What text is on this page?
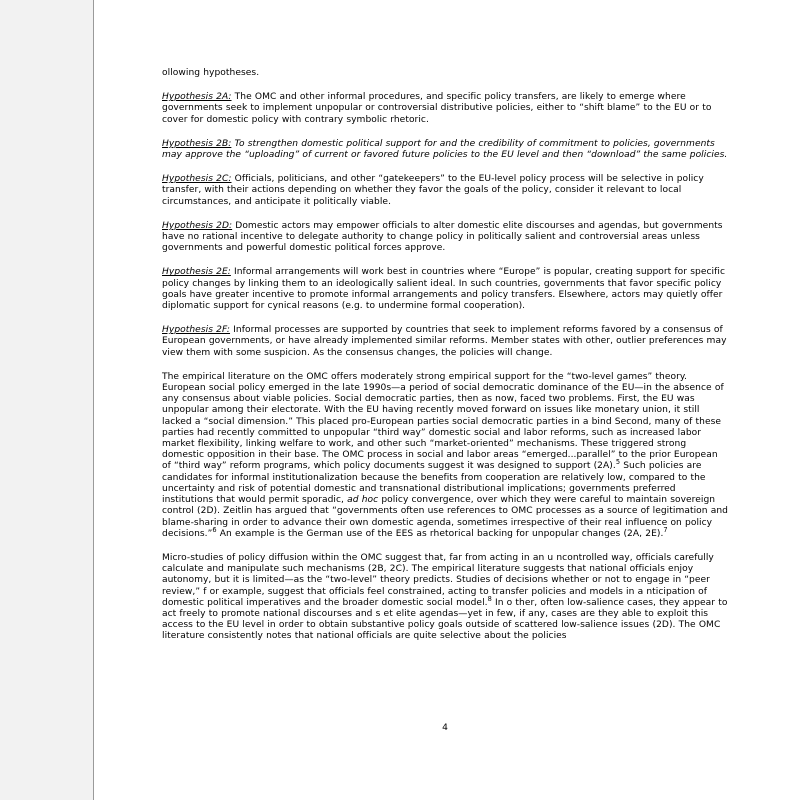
ollowing hypotheses.

Hypothesis 2A: The OMC and other informal procedures, and specific policy transfers, are likely to emerge where governments seek to implement unpopular or controversial distributive policies, either to “shift blame” to the EU or to cover for domestic policy with contrary symbolic rhetoric.

Hypothesis 2B: To strengthen domestic political support for and the credibility of commitment to policies, governments may approve the “uploading” of current or favored future policies to the EU level and then “download” the same policies.

Hypothesis 2C: Officials, politicians, and other “gatekeepers” to the EU-level policy process will be selective in policy transfer, with their actions depending on whether they favor the goals of the policy, consider it relevant to local circumstances, and anticipate it politically viable.

Hypothesis 2D: Domestic actors may empower officials to alter domestic elite discourses and agendas, but governments have no rational incentive to delegate authority to change policy in politically salient and controversial areas unless governments and powerful domestic political forces approve.

Hypothesis 2E: Informal arrangements will work best in countries where “Europe” is popular, creating support for specific policy changes by linking them to an ideologically salient ideal. In such countries, governments that favor specific policy goals have greater incentive to promote informal arrangements and policy transfers. Elsewhere, actors may quietly offer diplomatic support for cynical reasons (e.g. to undermine formal cooperation).

Hypothesis 2F: Informal processes are supported by countries that seek to implement reforms favored by a consensus of European governments, or have already implemented similar reforms. Member states with other, outlier preferences may view them with some suspicion. As the consensus changes, the policies will change.

The empirical literature on the OMC offers moderately strong empirical support for the “two-level games” theory. European social policy emerged in the late 1990s—a period of social democratic dominance of the EU—in the absence of any consensus about viable policies. Social democratic parties, then as now, faced two problems. First, the EU was unpopular among their electorate. With the EU having recently moved forward on issues like monetary union, it still lacked a “social dimension.” This placed pro-European parties social democratic parties in a bind Second, many of these parties had recently committed to unpopular “third way” domestic social and labor reforms, such as increased labor market flexibility, linking welfare to work, and other such “market-oriented” mechanisms. These triggered strong domestic opposition in their base. The OMC process in social and labor areas “emerged...parallel” to the prior European of “third way” reform programs, which policy documents suggest it was designed to support (2A).$^5$ Such policies are candidates for informal institutionalization because the benefits from cooperation are relatively low, compared to the uncertainty and risk of potential domestic and transnational distributional implications; governments preferred institutions that would permit sporadic, ad hoc policy convergence, over which they were careful to maintain sovereign control (2D). Zeitlin has argued that “governments often use references to OMC processes as a source of legitimation and blame-sharing in order to advance their own domestic agenda, sometimes irrespective of their real influence on policy decisions.”$^6$ An example is the German use of the EES as rhetorical backing for unpopular changes (2A, 2E).$^7$

Micro-studies of policy diffusion within the OMC suggest that, far from acting in an u ncontrolled way, officials carefully calculate and manipulate such mechanisms (2B, 2C). The empirical literature suggests that national officials enjoy autonomy, but it is limited—as the “two-level” theory predicts. Studies of decisions whether or not to engage in “peer review,” f or example, suggest that officials feel constrained, acting to transfer policies and models in a nticipation of domestic political imperatives and the broader domestic social model.$^8$ In o ther, often low-salience cases, they appear to act freely to promote national discourses and s et elite agendas—yet in few, if any, cases are they able to exploit this access to the EU level in order to obtain substantive policy goals outside of scattered low-salience issues (2D). The OMC literature consistently notes that national officials are quite selective about the policies

4
